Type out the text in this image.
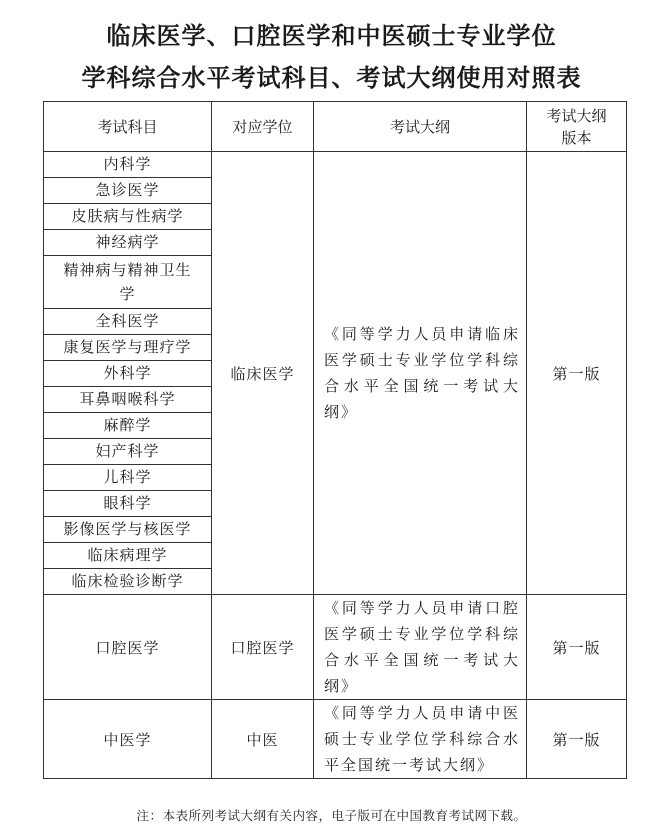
临床医学、口腔医学和中医硕士专业学位
学科综合水平考试科目、考试大纲使用对照表
考试科目	对应学位	考试大纲	考试大纲版本

内科学	临床医学	《同等学力人员申请临床医学硕士专业学位学科综合水平全国统一考试大纲》	第一版
急诊医学			
皮肤病与性病学			
神经病学			

精神病与精神卫生学			

全科医学			
康复医学与理疗学			
外科学			
耳鼻咽喉科学			
麻醉学			
妇产科学			
儿科学			
眼科学			
影像医学与核医学			
临床病理学			
临床检验诊断学			
口腔医学	口腔医学	《同等学力人员申请口腔医学硕士专业学位学科综合水平全国统一考试大纲》	第一版
中医学	中医	《同等学力人员申请中医硕士专业学位学科综合水平全国统一考试大纲》	第一版
注：本表所列考试大纲有关内容，电子版可在中国教育考试网下载。
